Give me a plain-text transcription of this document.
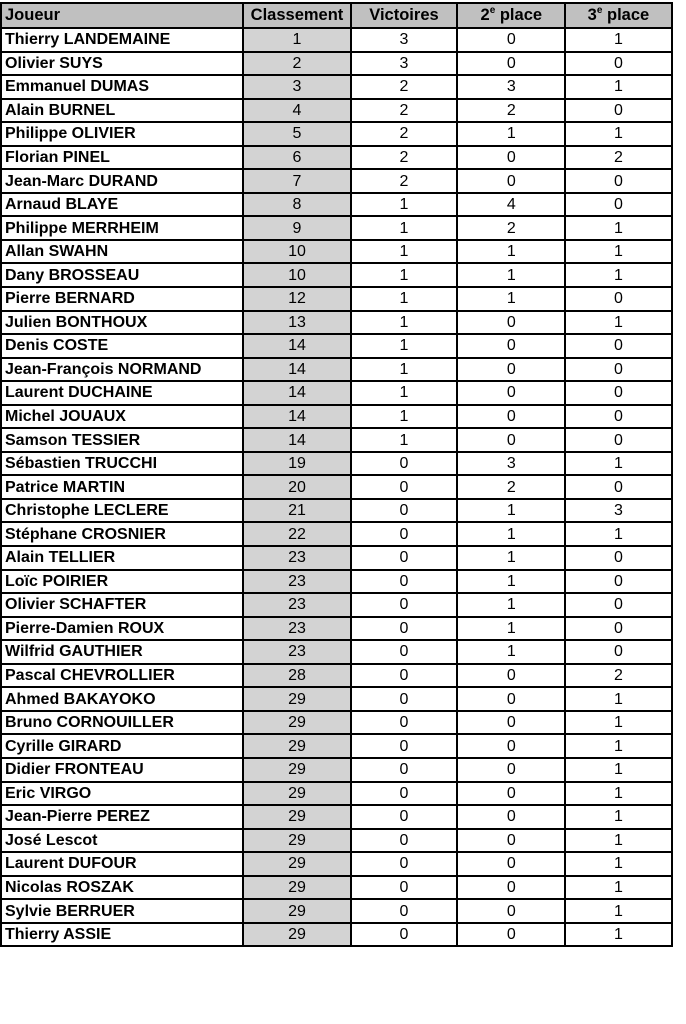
Joueur	Classement	Victoires	2e place	3e place	
Thierry LANDEMAINE	1	3	0	1	
Olivier SUYS	2	3	0	0	
Emmanuel DUMAS	3	2	3	1	
Alain BURNEL	4	2	2	0	
Philippe OLIVIER	5	2	1	1	
Florian PINEL	6	2	0	2	
Jean-Marc DURAND	7	2	0	0	
Arnaud BLAYE	8	1	4	0	
Philippe MERRHEIM	9	1	2	1	
Allan SWAHN	10	1	1	1	
Dany BROSSEAU	10	1	1	1	
Pierre BERNARD	12	1	1	0	
Julien BONTHOUX	13	1	0	1	
Denis COSTE	14	1	0	0	
Jean-François NORMAND	14	1	0	0	
Laurent DUCHAINE	14	1	0	0	
Michel JOUAUX	14	1	0	0	
Samson TESSIER	14	1	0	0	
Sébastien TRUCCHI	19	0	3	1	
Patrice MARTIN	20	0	2	0	
Christophe LECLERE	21	0	1	3	
Stéphane CROSNIER	22	0	1	1	
Alain TELLIER	23	0	1	0	
Loïc POIRIER	23	0	1	0	
Olivier SCHAFTER	23	0	1	0	
Pierre-Damien ROUX	23	0	1	0	
Wilfrid GAUTHIER	23	0	1	0	
Pascal CHEVROLLIER	28	0	0	2	
Ahmed BAKAYOKO	29	0	0	1	
Bruno CORNOUILLER	29	0	0	1	
Cyrille GIRARD	29	0	0	1	
Didier FRONTEAU	29	0	0	1	
Eric VIRGO	29	0	0	1	
Jean-Pierre PEREZ	29	0	0	1	
José Lescot	29	0	0	1	
Laurent DUFOUR	29	0	0	1	
Nicolas ROSZAK	29	0	0	1	
Sylvie BERRUER	29	0	0	1	
Thierry ASSIE	29	0	0	1	
